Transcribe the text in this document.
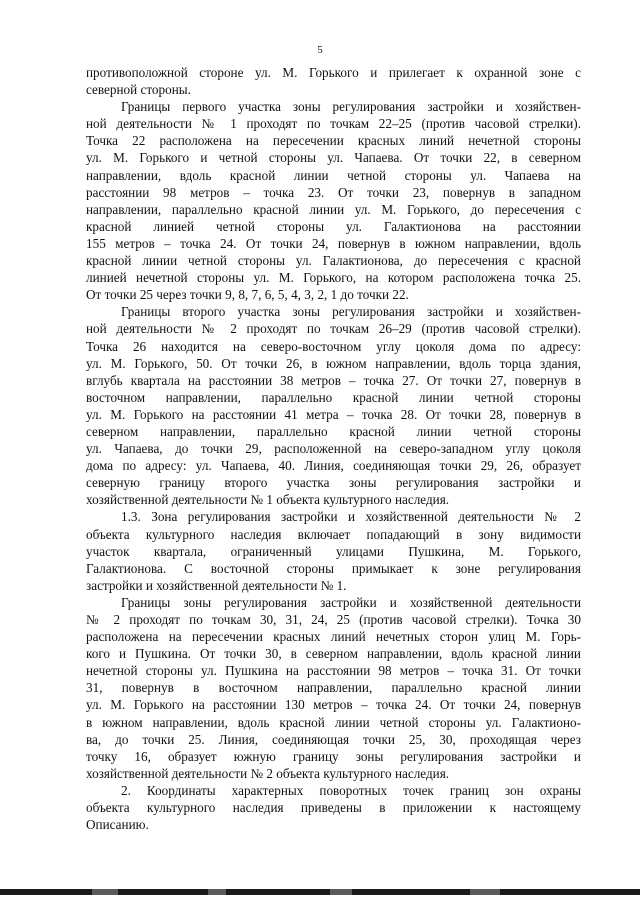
5
противоположной стороне ул. М. Горького и прилегает к охранной зоне с
северной стороны.
Границы первого участка зоны регулирования застройки и хозяйствен-
ной деятельности № 1 проходят по точкам 22–25 (против часовой стрелки).
Точка 22 расположена на пересечении красных линий нечетной стороны
ул. М. Горького и четной стороны ул. Чапаева. От точки 22, в северном
направлении, вдоль красной линии четной стороны ул. Чапаева на
расстоянии 98 метров – точка 23. От точки 23, повернув в западном
направлении, параллельно красной линии ул. М. Горького, до пересечения с
красной линией четной стороны ул. Галактионова на расстоянии
155 метров – точка 24. От точки 24, повернув в южном направлении, вдоль
красной линии четной стороны ул. Галактионова, до пересечения с красной
линией нечетной стороны ул. М. Горького, на котором расположена точка 25.
От точки 25 через точки 9, 8, 7, 6, 5, 4, 3, 2, 1 до точки 22.
Границы второго участка зоны регулирования застройки и хозяйствен-
ной деятельности № 2 проходят по точкам 26–29 (против часовой стрелки).
Точка 26 находится на северо-восточном углу цоколя дома по адресу:
ул. М. Горького, 50. От точки 26, в южном направлении, вдоль торца здания,
вглубь квартала на расстоянии 38 метров – точка 27. От точки 27, повернув в
восточном направлении, параллельно красной линии четной стороны
ул. М. Горького на расстоянии 41 метра – точка 28. От точки 28, повернув в
северном направлении, параллельно красной линии четной стороны
ул. Чапаева, до точки 29, расположенной на северо-западном углу цоколя
дома по адресу: ул. Чапаева, 40. Линия, соединяющая точки 29, 26, образует
северную границу второго участка зоны регулирования застройки и
хозяйственной деятельности № 1 объекта культурного наследия.
1.3. Зона регулирования застройки и хозяйственной деятельности № 2
объекта культурного наследия включает попадающий в зону видимости
участок квартала, ограниченный улицами Пушкина, М. Горького,
Галактионова. С восточной стороны примыкает к зоне регулирования
застройки и хозяйственной деятельности № 1.
Границы зоны регулирования застройки и хозяйственной деятельности
№ 2 проходят по точкам 30, 31, 24, 25 (против часовой стрелки). Точка 30
расположена на пересечении красных линий нечетных сторон улиц М. Горь-
кого и Пушкина. От точки 30, в северном направлении, вдоль красной линии
нечетной стороны ул. Пушкина на расстоянии 98 метров – точка 31. От точки
31, повернув в восточном направлении, параллельно красной линии
ул. М. Горького на расстоянии 130 метров – точка 24. От точки 24, повернув
в южном направлении, вдоль красной линии четной стороны ул. Галактионо-
ва, до точки 25. Линия, соединяющая точки 25, 30, проходящая через
точку 16, образует южную границу зоны регулирования застройки и
хозяйственной деятельности № 2 объекта культурного наследия.
2. Координаты характерных поворотных точек границ зон охраны
объекта культурного наследия приведены в приложении к настоящему
Описанию.
